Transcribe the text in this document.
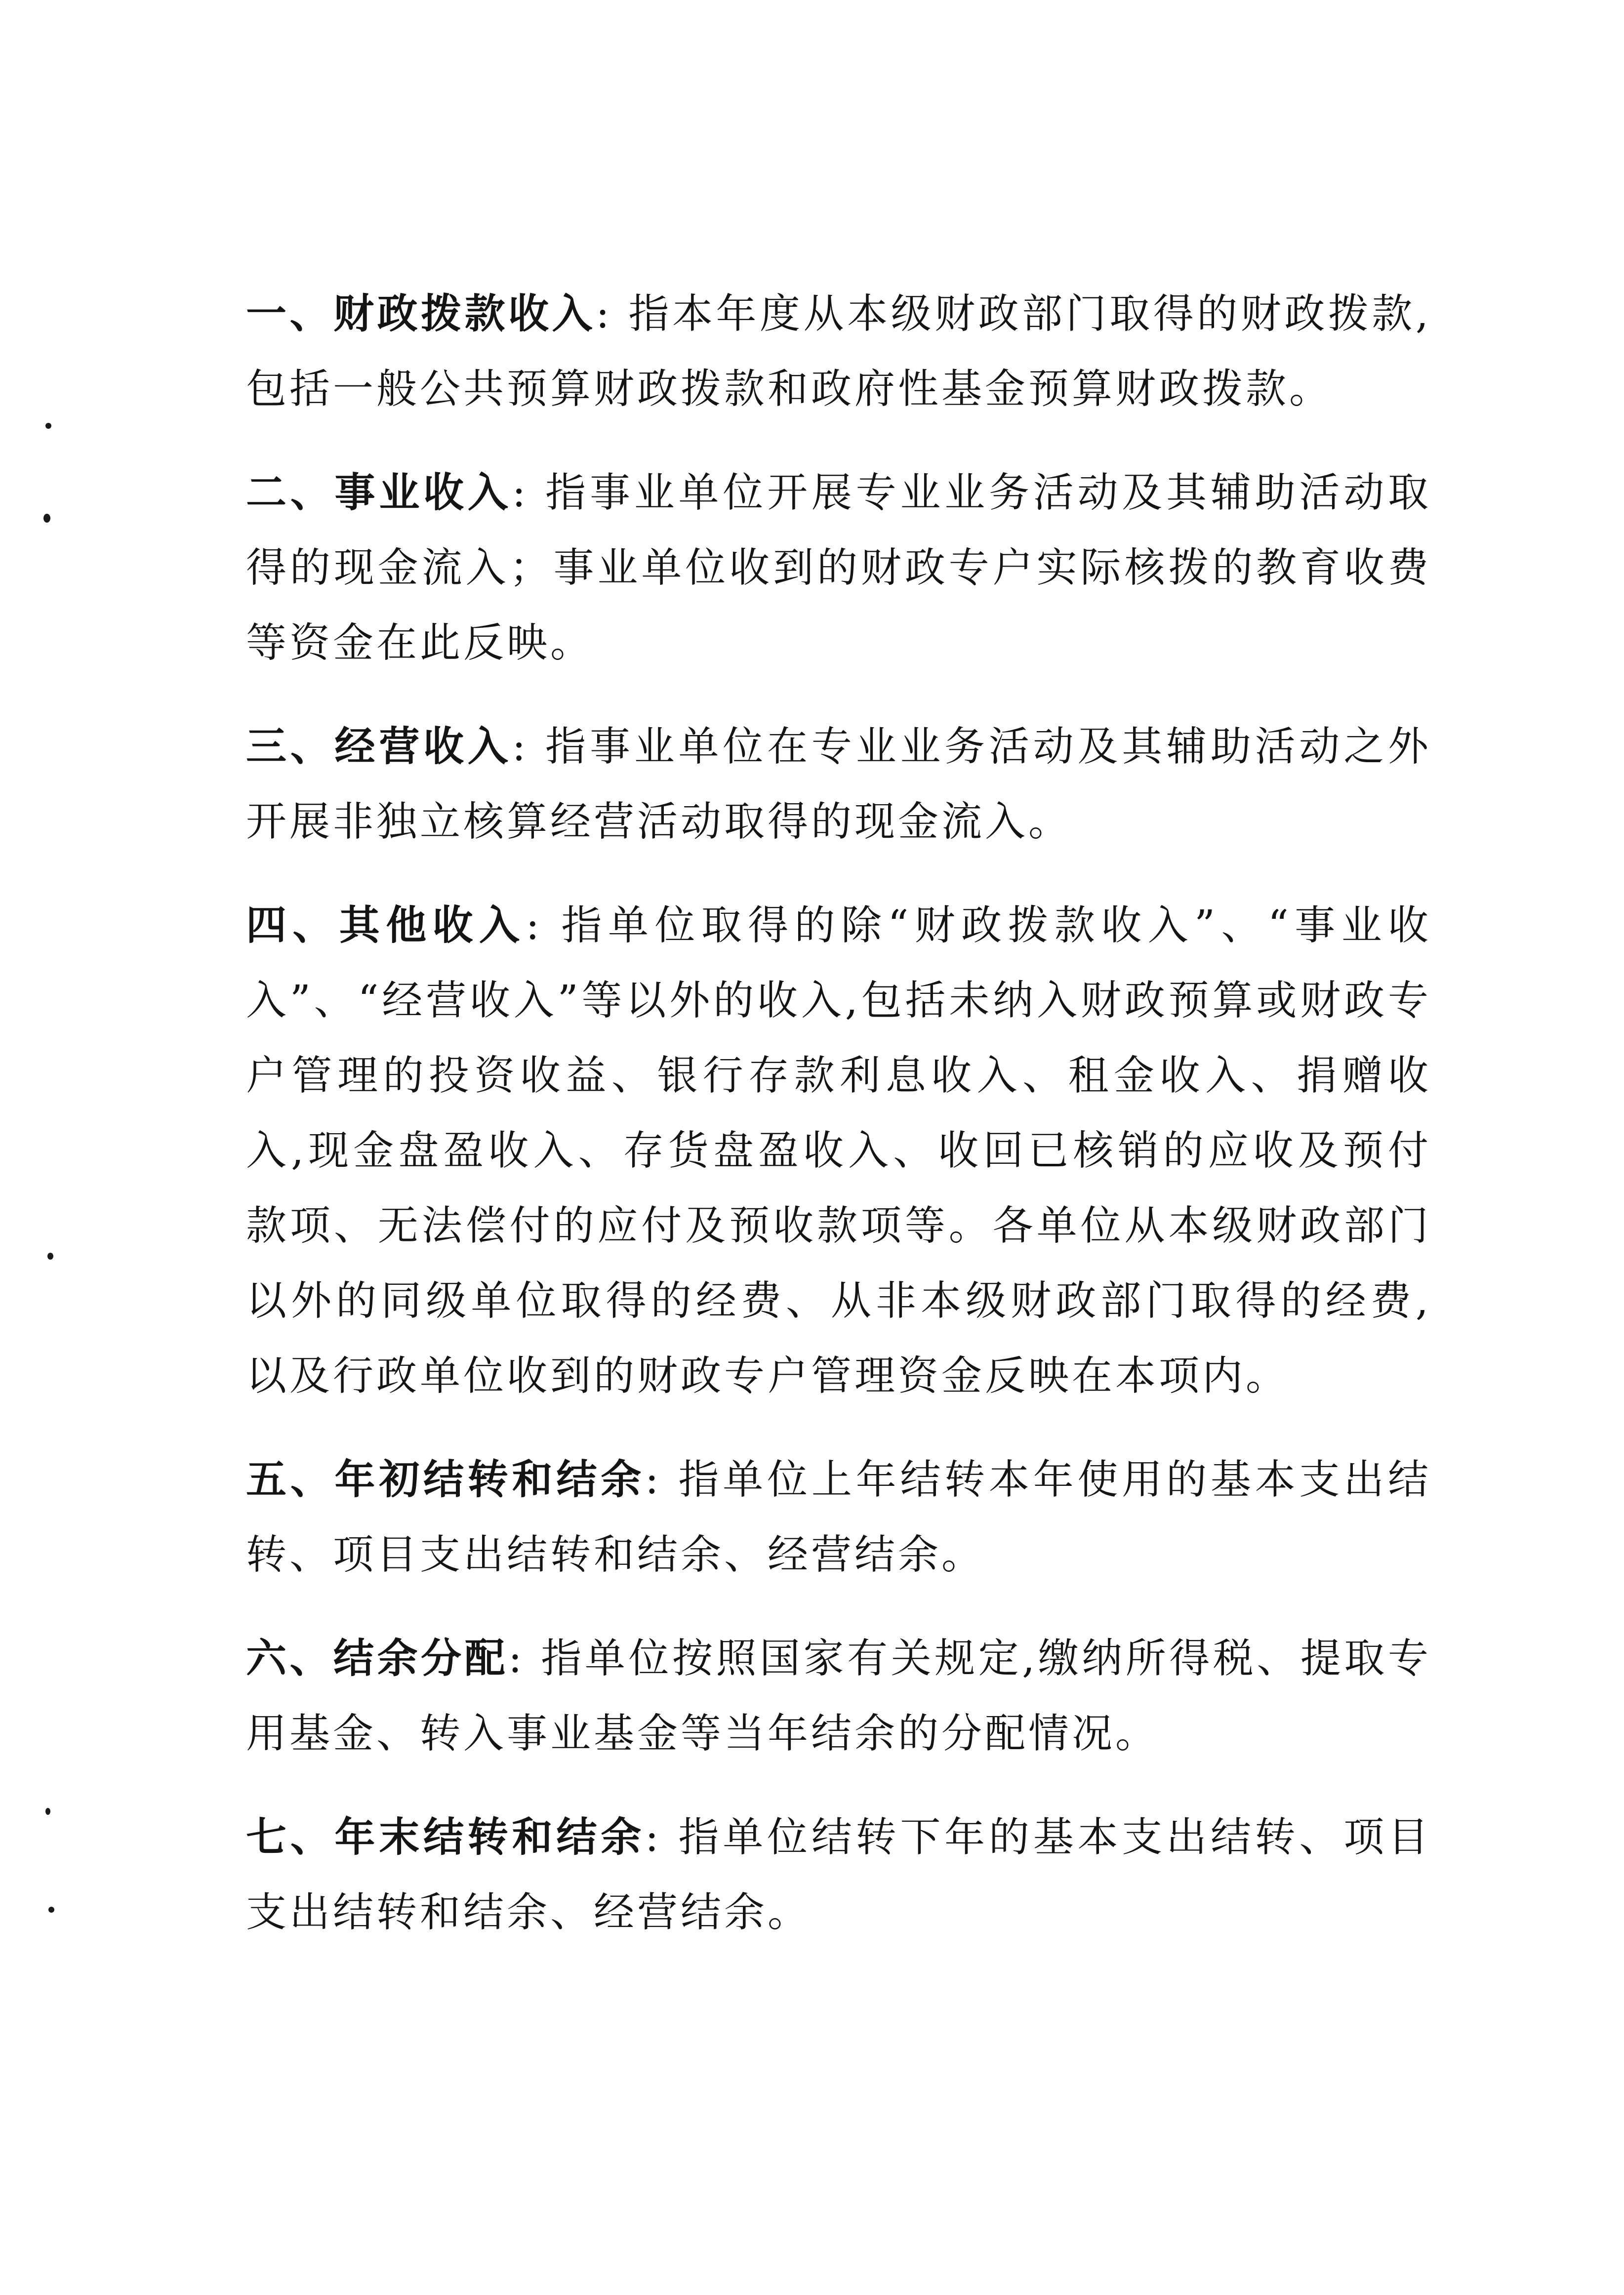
一、财政拨款收入: 指本年度从本级财政部门取得的财政拨款,包括一般公共预算财政拨款和政府性基金预算财政拨款。

二、事业收入: 指事业单位开展专业业务活动及其辅助活动取得的现金流入；事业单位收到的财政专户实际核拨的教育收费等资金在此反映。

三、经营收入: 指事业单位在专业业务活动及其辅助活动之外开展非独立核算经营活动取得的现金流入。

四、其他收入: 指单位取得的除“财政拨款收入”、“事业收入”、“经营收入”等以外的收入,包括未纳入财政预算或财政专户管理的投资收益、银行存款利息收入、租金收入、捐赠收入,现金盘盈收入、存货盘盈收入、收回已核销的应收及预付款项、无法偿付的应付及预收款项等。各单位从本级财政部门以外的同级单位取得的经费、从非本级财政部门取得的经费,以及行政单位收到的财政专户管理资金反映在本项内。

五、年初结转和结余: 指单位上年结转本年使用的基本支出结转、项目支出结转和结余、经营结余。

六、结余分配: 指单位按照国家有关规定,缴纳所得税、提取专用基金、转入事业基金等当年结余的分配情况。

七、年末结转和结余: 指单位结转下年的基本支出结转、项目支出结转和结余、经营结余。
